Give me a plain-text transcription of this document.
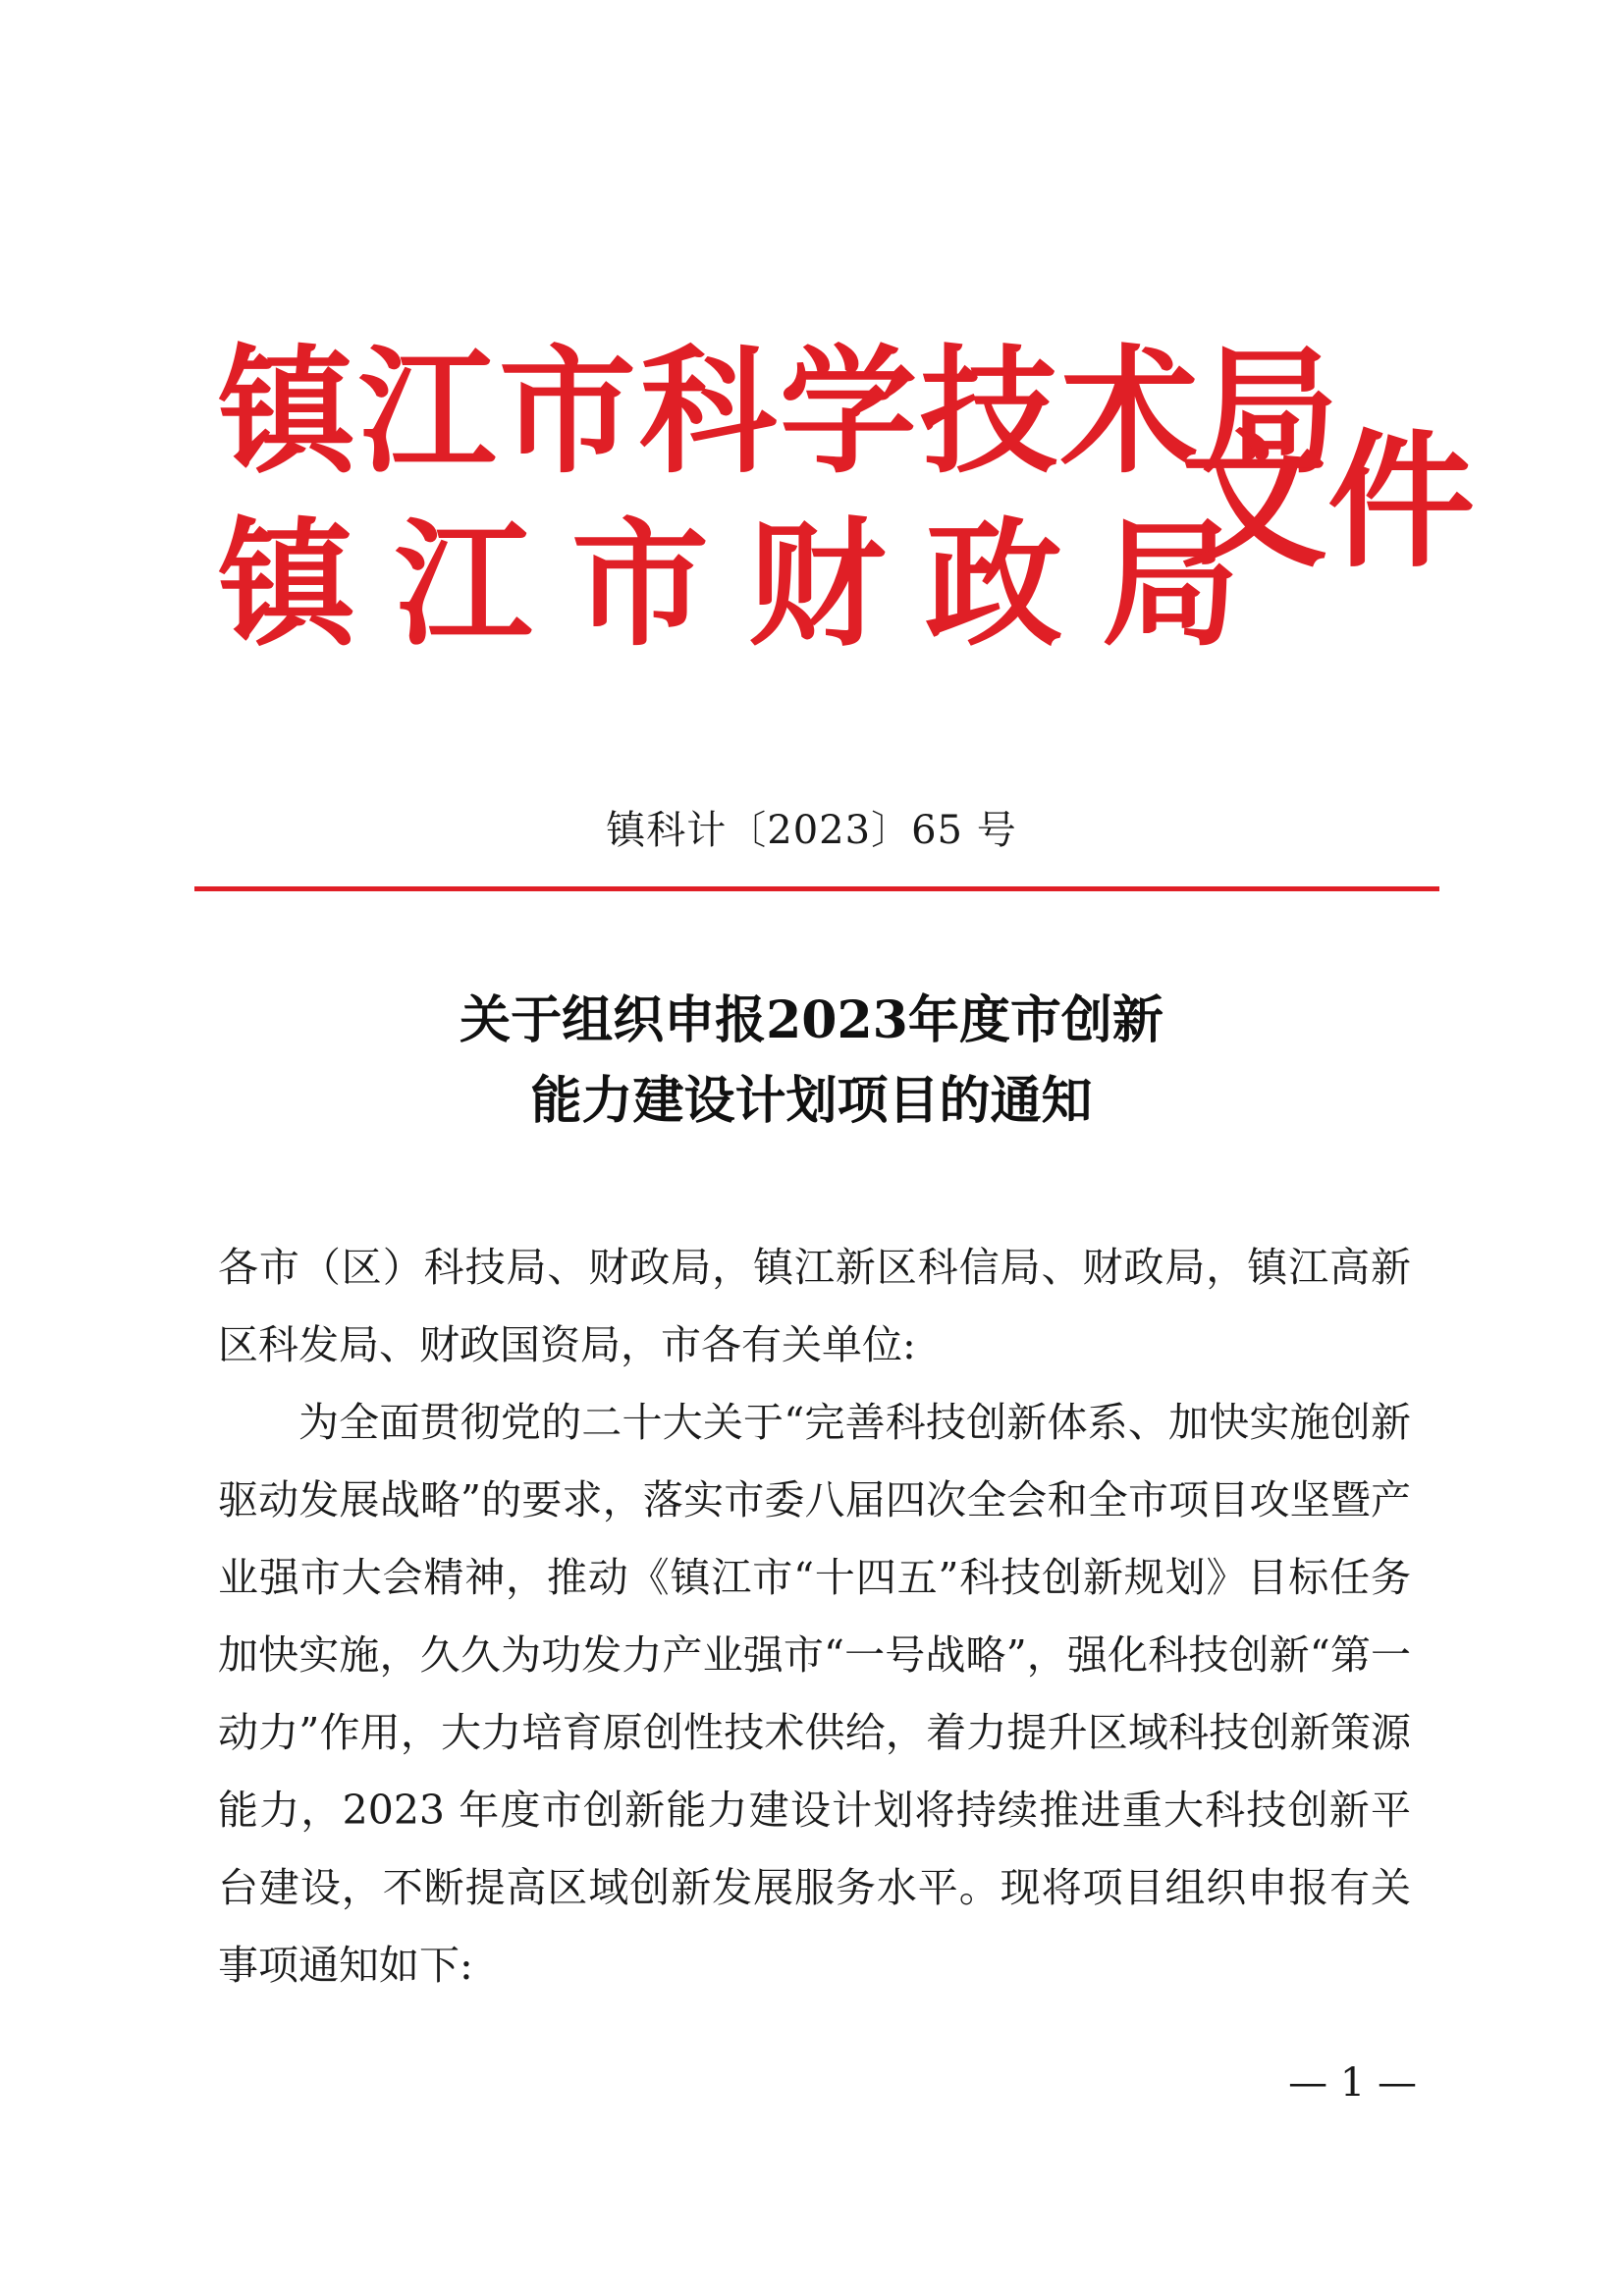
镇江市科学技术局
镇江市财政局
文件
镇科计〔2023〕65 号
关于组织申报2023年度市创新
能力建设计划项目的通知

各市（区）科技局、财政局，镇江新区科信局、财政局，镇江高新区科发局、财政国资局，市各有关单位:

为全面贯彻党的二十大关于“完善科技创新体系、加快实施创新驱动发展战略”的要求，落实市委八届四次全会和全市项目攻坚暨产业强市大会精神，推动《镇江市“十四五”科技创新规划》目标任务加快实施，久久为功发力产业强市“一号战略”，强化科技创新“第一动力”作用，大力培育原创性技术供给，着力提升区域科技创新策源能力，2023 年度市创新能力建设计划将持续推进重大科技创新平台建设，不断提高区域创新发展服务水平。现将项目组织申报有关事项通知如下:

— 1 —
